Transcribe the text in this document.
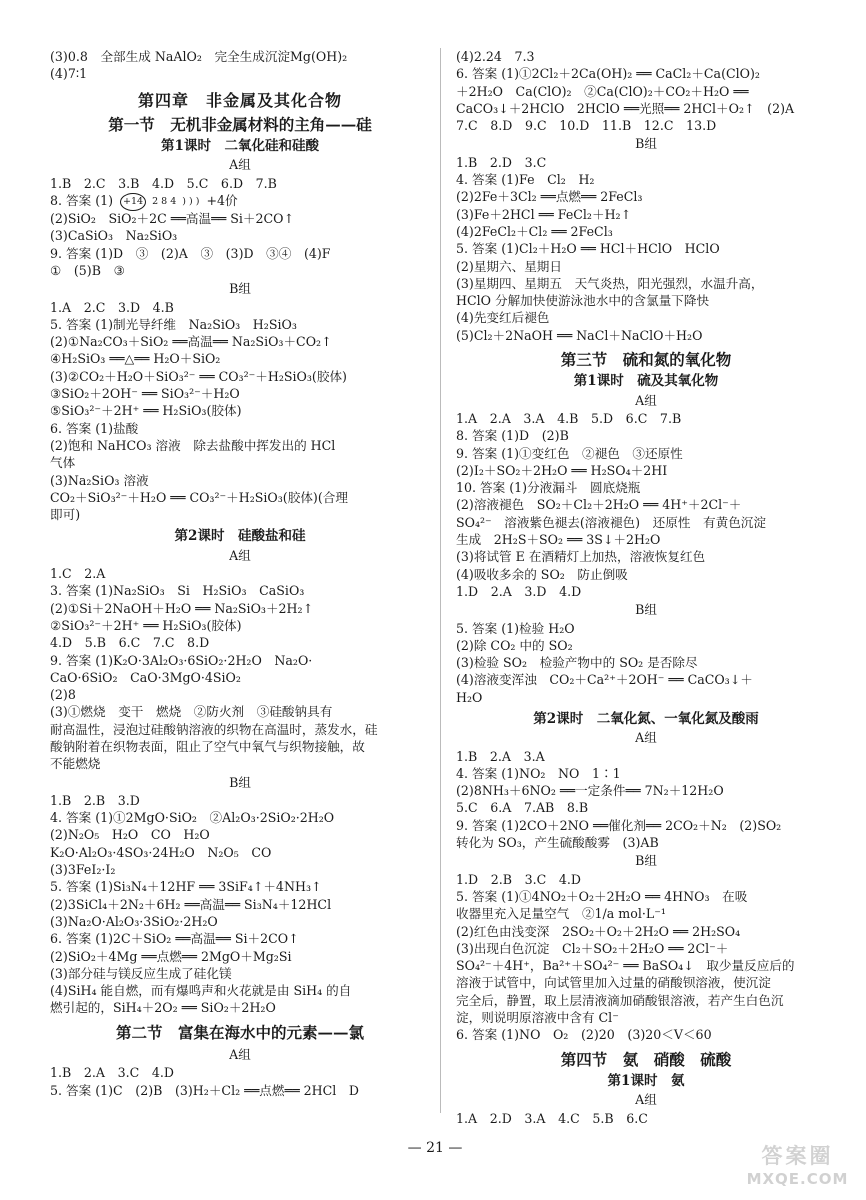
(3)0.8　全部生成 NaAlO₂　完全生成沉淀Mg(OH)₂
(4)7∶1
第四章　非金属及其化合物
第一节　无机非金属材料的主角——硅
第1课时　二氧化硅和硅酸
A组
1.B　2.C　3.B　4.D　5.C　6.D　7.B
8. 答案 (1)	+14 2 8 4 ) ) ) +4价
(2)SiO₂　SiO₂＋2C ══高温══ Si＋2CO↑
(3)CaSiO₃　Na₂SiO₃
9. 答案 (1)D　③　(2)A　③　(3)D　③④　(4)F
①　(5)B　③
B组
1.A　2.C　3.D　4.B
5. 答案 (1)制光导纤维　Na₂SiO₃　H₂SiO₃
(2)①Na₂CO₃＋SiO₂ ══高温══ Na₂SiO₃＋CO₂↑
④H₂SiO₃ ══△══ H₂O＋SiO₂
(3)②CO₂＋H₂O＋SiO₃²⁻ ══ CO₃²⁻＋H₂SiO₃(胶体)
③SiO₂＋2OH⁻ ══ SiO₃²⁻＋H₂O
⑤SiO₃²⁻＋2H⁺ ══ H₂SiO₃(胶体)
6. 答案 (1)盐酸
(2)饱和 NaHCO₃ 溶液　除去盐酸中挥发出的 HCl
气体
(3)Na₂SiO₃ 溶液
CO₂＋SiO₃²⁻＋H₂O ══ CO₃²⁻＋H₂SiO₃(胶体)(合理
即可)
第2课时　硅酸盐和硅
A组
1.C　2.A
3. 答案 (1)Na₂SiO₃　Si　H₂SiO₃　CaSiO₃
(2)①Si＋2NaOH＋H₂O ══ Na₂SiO₃＋2H₂↑
②SiO₃²⁻＋2H⁺ ══ H₂SiO₃(胶体)
4.D　5.B　6.C　7.C　8.D
9. 答案 (1)K₂O·3Al₂O₃·6SiO₂·2H₂O　Na₂O·
CaO·6SiO₂　CaO·3MgO·4SiO₂
(2)8
(3)①燃烧　变干　燃烧　②防火剂　③硅酸钠具有
耐高温性，浸泡过硅酸钠溶液的织物在高温时，蒸发水，硅
酸钠附着在织物表面，阻止了空气中氧气与织物接触，故
不能燃烧
B组
1.B　2.B　3.D
4. 答案 (1)①2MgO·SiO₂　②Al₂O₃·2SiO₂·2H₂O
(2)N₂O₅　H₂O　CO　H₂O
K₂O·Al₂O₃·4SO₃·24H₂O　N₂O₅　CO
(3)3FeI₂·I₂
5. 答案 (1)Si₃N₄＋12HF ══ 3SiF₄↑＋4NH₃↑
(2)3SiCl₄＋2N₂＋6H₂ ══高温══ Si₃N₄＋12HCl
(3)Na₂O·Al₂O₃·3SiO₂·2H₂O
6. 答案 (1)2C＋SiO₂ ══高温══ Si＋2CO↑
(2)SiO₂＋4Mg ══点燃══ 2MgO＋Mg₂Si
(3)部分硅与镁反应生成了硅化镁
(4)SiH₄ 能自燃，而有爆鸣声和火花就是由 SiH₄ 的自
燃引起的，SiH₄＋2O₂ ══ SiO₂＋2H₂O
第二节　富集在海水中的元素——氯
A组
1.B　2.A　3.C　4.D
5. 答案 (1)C　(2)B　(3)H₂＋Cl₂ ══点燃══ 2HCl　D
(4)2.24　7.3
6. 答案 (1)①2Cl₂＋2Ca(OH)₂ ══ CaCl₂＋Ca(ClO)₂
＋2H₂O　Ca(ClO)₂　②Ca(ClO)₂＋CO₂＋H₂O ══
CaCO₃↓＋2HClO　2HClO ══光照══ 2HCl＋O₂↑　(2)A
7.C　8.D　9.C　10.D　11.B　12.C　13.D
B组
1.B　2.D　3.C
4. 答案 (1)Fe　Cl₂　H₂
(2)2Fe＋3Cl₂ ══点燃══ 2FeCl₃
(3)Fe＋2HCl ══ FeCl₂＋H₂↑
(4)2FeCl₂＋Cl₂ ══ 2FeCl₃
5. 答案 (1)Cl₂＋H₂O ══ HCl＋HClO　HClO
(2)星期六、星期日
(3)星期四、星期五　天气炎热，阳光强烈，水温升高，
HClO 分解加快使游泳池水中的含氯量下降快
(4)先变红后褪色
(5)Cl₂＋2NaOH ══ NaCl＋NaClO＋H₂O
第三节　硫和氮的氧化物
第1课时　硫及其氧化物
A组
1.A　2.A　3.A　4.B　5.D　6.C　7.B
8. 答案 (1)D　(2)B
9. 答案 (1)①变红色　②褪色　③还原性
(2)I₂＋SO₂＋2H₂O ══ H₂SO₄＋2HI
10. 答案 (1)分液漏斗　圆底烧瓶
(2)溶液褪色　SO₂＋Cl₂＋2H₂O ══ 4H⁺＋2Cl⁻＋
SO₄²⁻　溶液紫色褪去(溶液褪色)　还原性　有黄色沉淀
生成　2H₂S＋SO₂ ══ 3S↓＋2H₂O
(3)将试管 E 在酒精灯上加热，溶液恢复红色
(4)吸收多余的 SO₂　防止倒吸
1.D　2.A　3.D　4.D
B组
5. 答案 (1)检验 H₂O
(2)除 CO₂ 中的 SO₂
(3)检验 SO₂　检验产物中的 SO₂ 是否除尽
(4)溶液变浑浊　CO₂＋Ca²⁺＋2OH⁻ ══ CaCO₃↓＋
H₂O
第2课时　二氧化氮、一氧化氮及酸雨
A组
1.B　2.A　3.A
4. 答案 (1)NO₂　NO　1∶1
(2)8NH₃＋6NO₂ ══一定条件══ 7N₂＋12H₂O
5.C　6.A　7.AB　8.B
9. 答案 (1)2CO＋2NO ══催化剂══ 2CO₂＋N₂　(2)SO₂
转化为 SO₃，产生硫酸酸雾　(3)AB
B组
1.D　2.B　3.C　4.D
5. 答案 (1)①4NO₂＋O₂＋2H₂O ══ 4HNO₃　在吸
收器里充入足量空气　②1/a mol·L⁻¹
(2)红色由浅变深　2SO₂＋O₂＋2H₂O ══ 2H₂SO₄
(3)出现白色沉淀　Cl₂＋SO₂＋2H₂O ══ 2Cl⁻＋
SO₄²⁻＋4H⁺，Ba²⁺＋SO₄²⁻ ══ BaSO₄↓　取少量反应后的
溶液于试管中，向试管里加入过量的硝酸钡溶液，使沉淀
完全后，静置，取上层清液滴加硝酸银溶液，若产生白色沉
淀，则说明原溶液中含有 Cl⁻
6. 答案 (1)NO　O₂　(2)20　(3)20＜V＜60
第四节　氨　硝酸　硫酸
第1课时　氨
A组
1.A　2.D　3.A　4.C　5.B　6.C
— 21 —	答案圈
MXQE.COM
